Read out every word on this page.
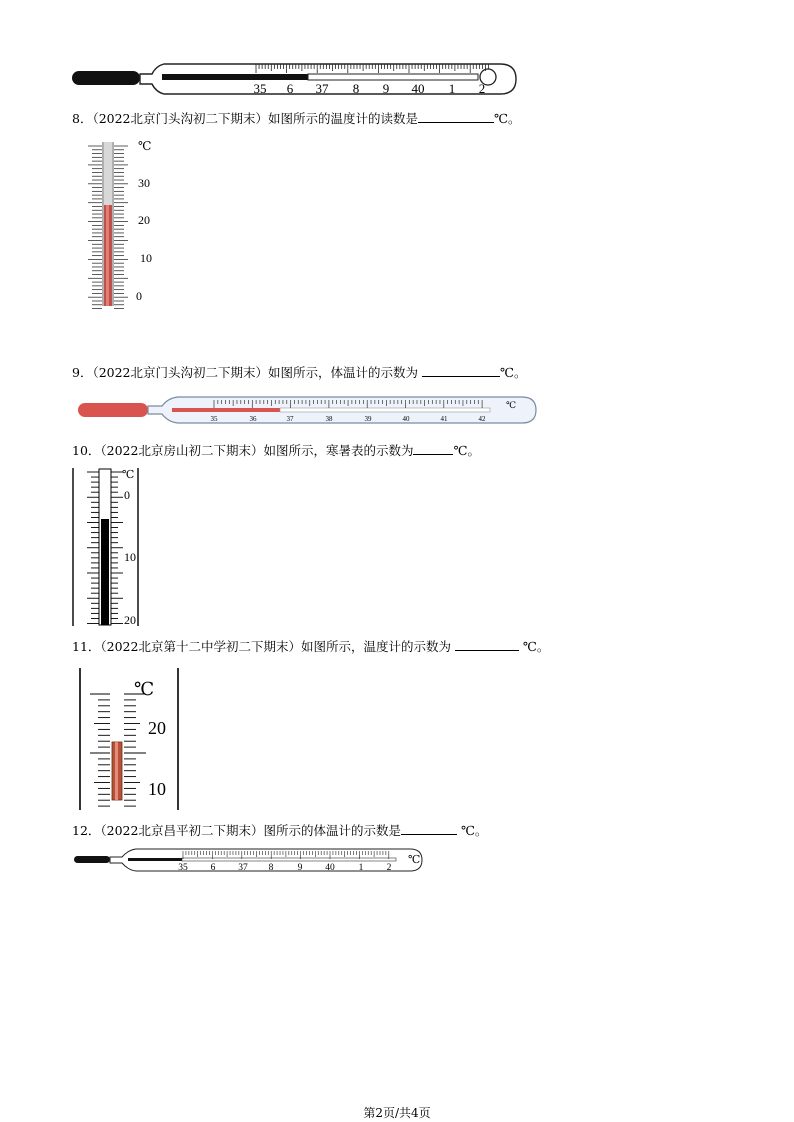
35 6 37 8 9 40 1 2
8．（2022北京门头沟初二下期末）如图所示的温度计的读数是	℃。
℃
30
20
10
0
9．（2022北京门头沟初二下期末）如图所示，体温计的示数为	℃。
℃
35	36	37	38	39	40	41	42
10．（2022北京房山初二下期末）如图所示，寒暑表的示数为	℃。
℃
0
10
20
11．（2022北京第十二中学初二下期末）如图所示，温度计的示数为	℃。
℃
20
10
12．（2022北京昌平初二下期末）图所示的体温计的示数是	℃。
℃
35 6 37 8	9 40	1 2
第2页/共4页
